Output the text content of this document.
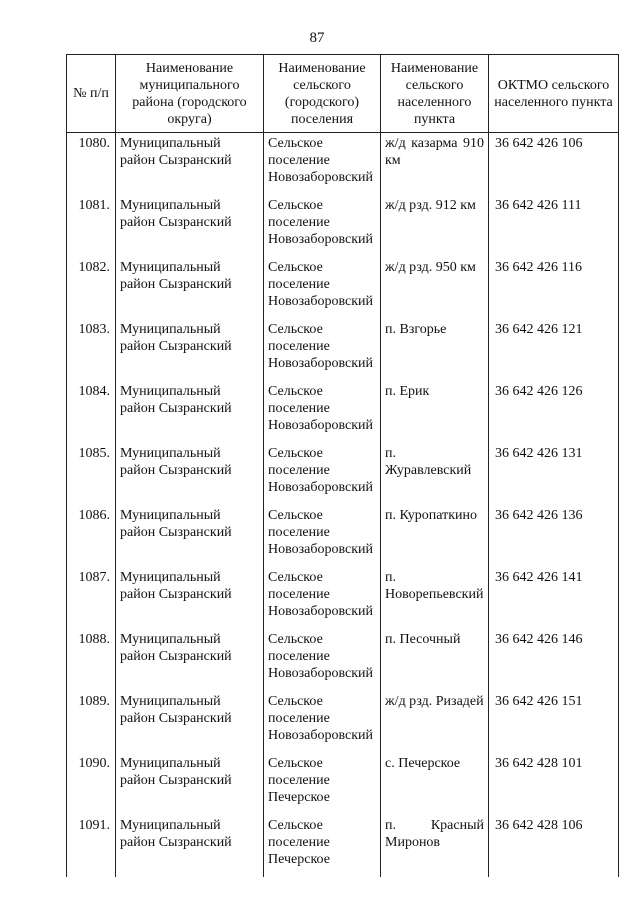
87
№ п/п	Наименование муниципального района (городского округа)	Наименование сельского (городского) поселения	Наименование сельского населенного пункта	ОКТМО сельского населенного пункта
1080.	Муниципальный район Сызранский	Сельское поселение Новозаборовский	ж/д казарма 910 км	36 642 426 106
1081.	Муниципальный район Сызранский	Сельское поселение Новозаборовский	ж/д рзд. 912 км	36 642 426 111
1082.	Муниципальный район Сызранский	Сельское поселение Новозаборовский	ж/д рзд. 950 км	36 642 426 116
1083.	Муниципальный район Сызранский	Сельское поселение Новозаборовский	п. Взгорье	36 642 426 121
1084.	Муниципальный район Сызранский	Сельское поселение Новозаборовский	п. Ерик	36 642 426 126
1085.	Муниципальный район Сызранский	Сельское поселение Новозаборовский	п. Журавлевский	36 642 426 131
1086.	Муниципальный район Сызранский	Сельское поселение Новозаборовский	п. Куропаткино	36 642 426 136
1087.	Муниципальный район Сызранский	Сельское поселение Новозаборовский	п. Новорепьевский	36 642 426 141
1088.	Муниципальный район Сызранский	Сельское поселение Новозаборовский	п. Песочный	36 642 426 146
1089.	Муниципальный район Сызранский	Сельское поселение Новозаборовский	ж/д рзд. Ризадей	36 642 426 151
1090.	Муниципальный район Сызранский	Сельское поселение Печерское	с. Печерское	36 642 428 101
1091.	Муниципальный район Сызранский	Сельское поселение Печерское	п. Красный Миронов	36 642 428 106
